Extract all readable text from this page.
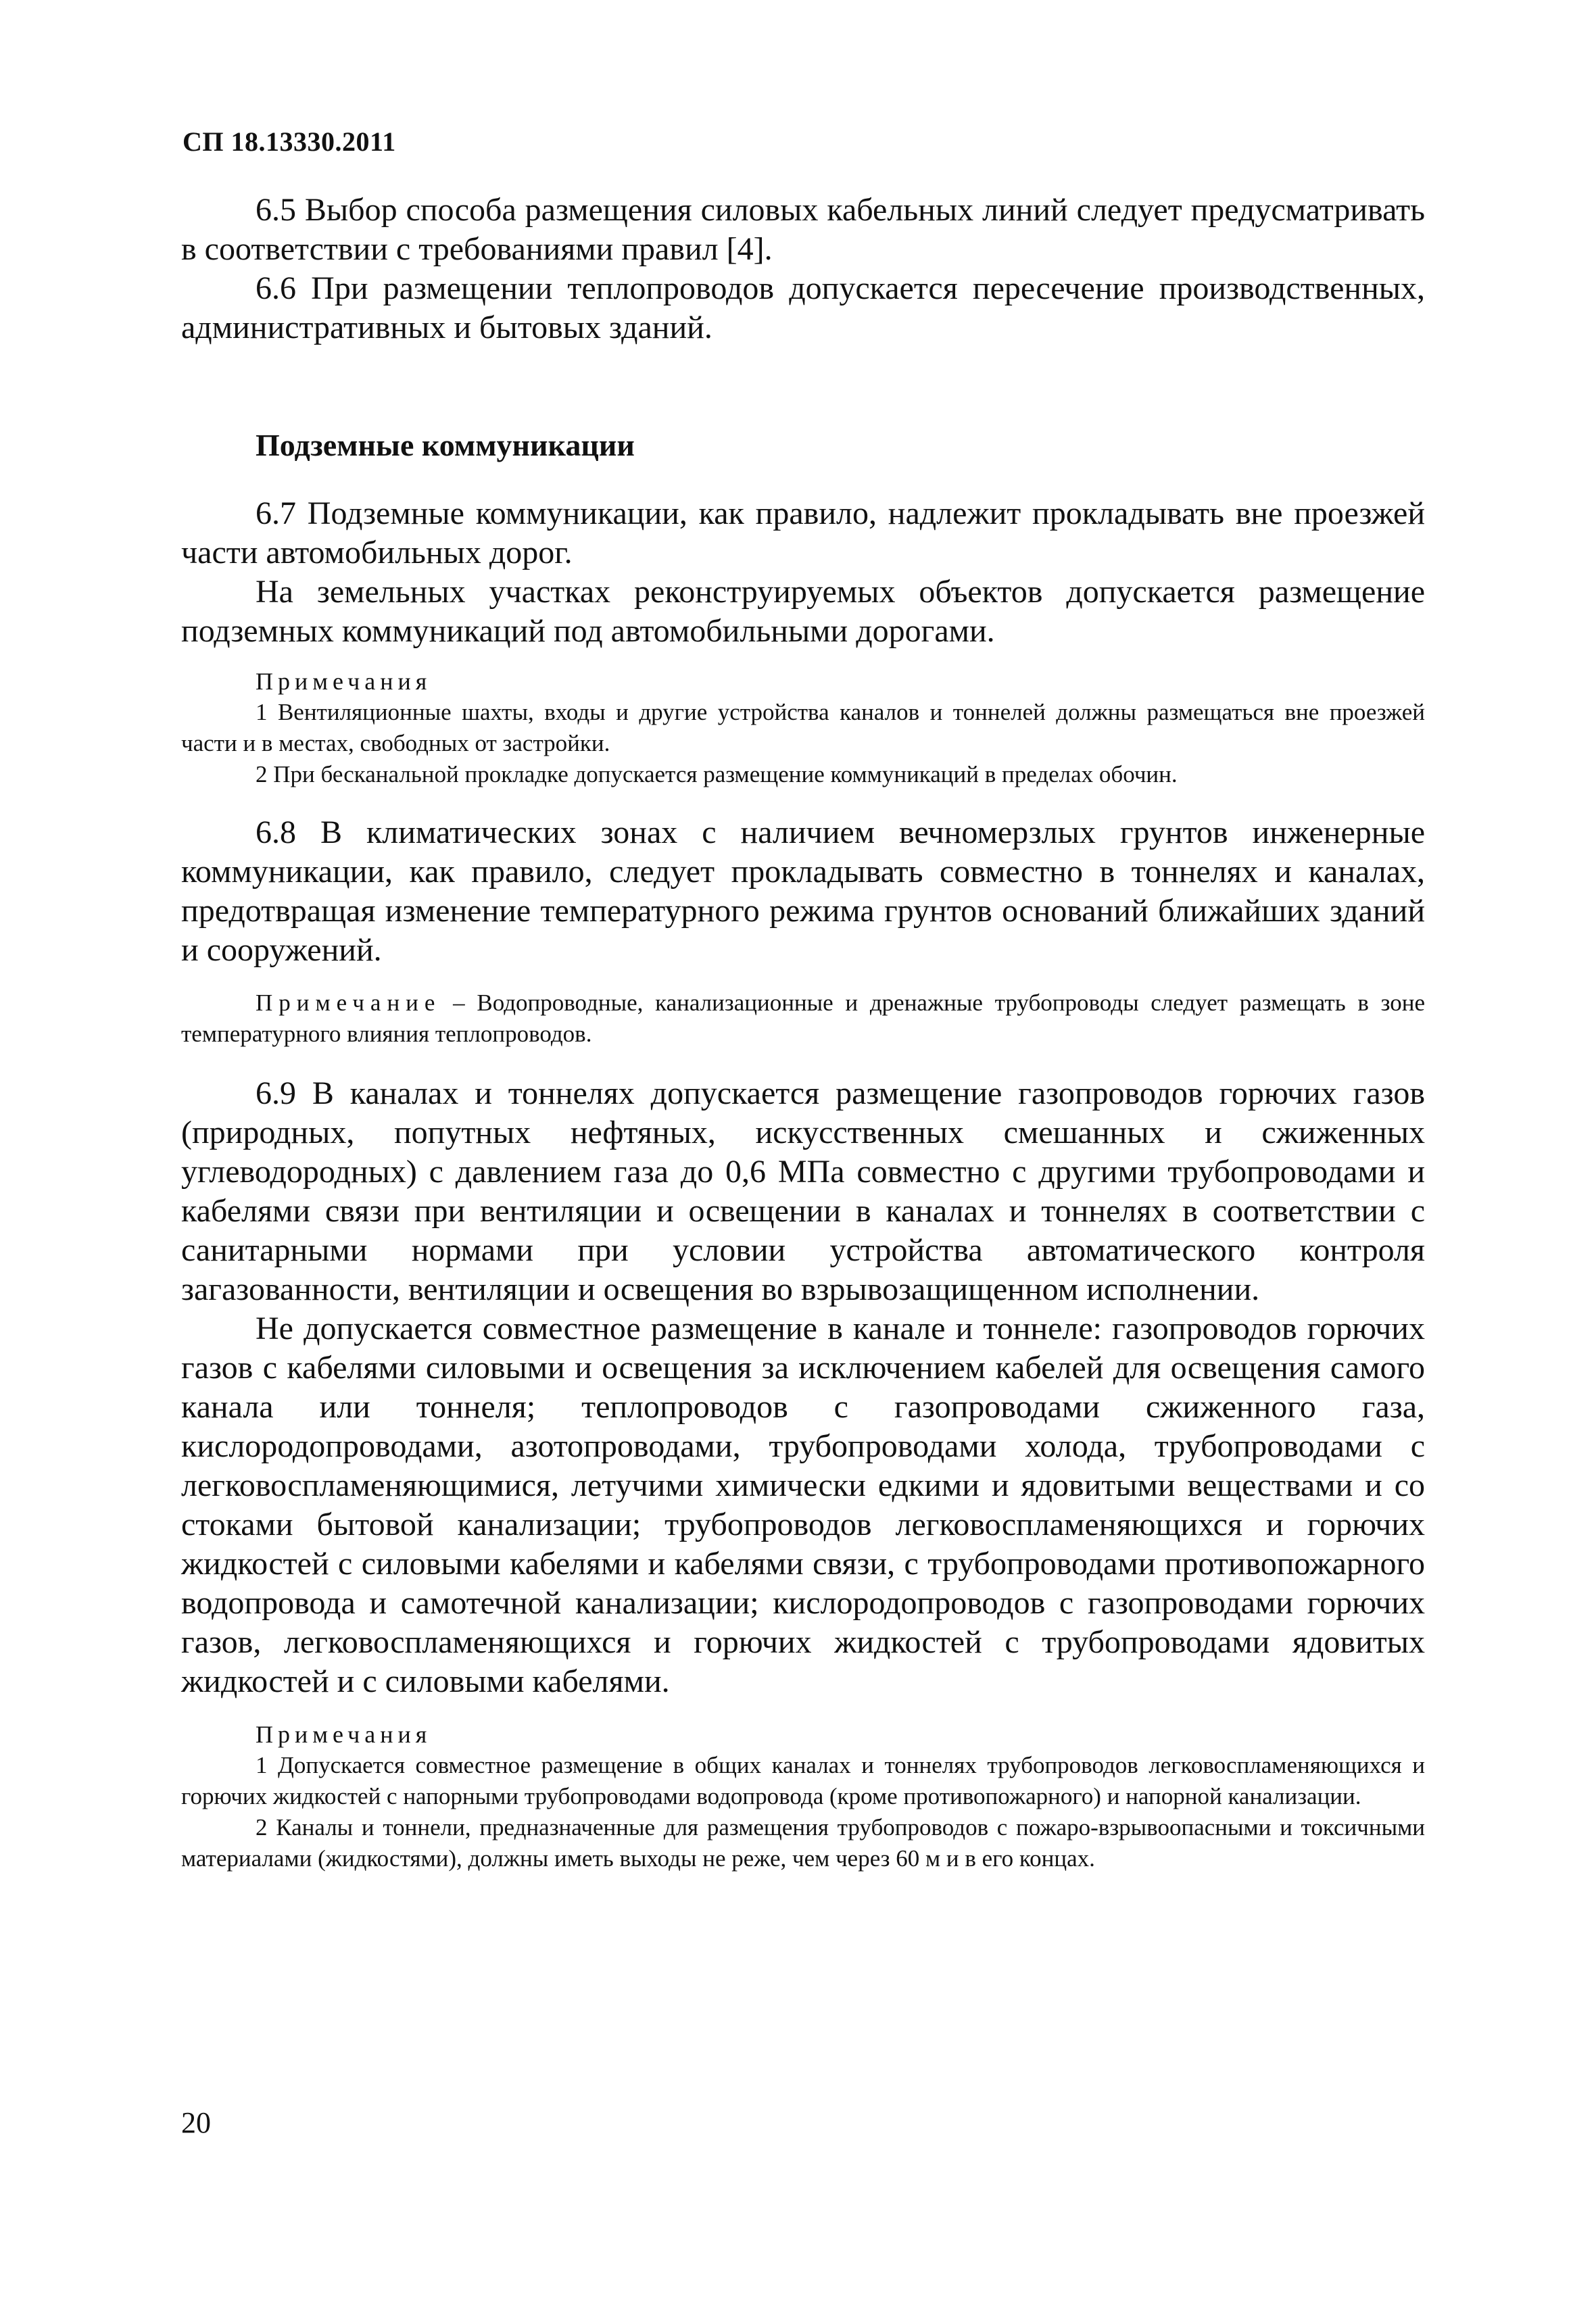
СП 18.13330.2011

6.5 Выбор способа размещения силовых кабельных линий следует предусматривать в соответствии с требованиями правил [4].

6.6 При размещении теплопроводов допускается пересечение производственных, административных и бытовых зданий.

Подземные коммуникации

6.7 Подземные коммуникации, как правило, надлежит прокладывать вне проезжей части автомобильных дорог.

На земельных участках реконструируемых объектов допускается размещение подземных коммуникаций под автомобильными дорогами.

Примечания

1 Вентиляционные шахты, входы и другие устройства каналов и тоннелей должны размещаться вне проезжей части и в местах, свободных от застройки.

2 При бесканальной прокладке допускается размещение коммуникаций в пределах обочин.

6.8 В климатических зонах с наличием вечномерзлых грунтов инженерные коммуникации, как правило, следует прокладывать совместно в тоннелях и каналах, предотвращая изменение температурного режима грунтов оснований ближайших зданий и сооружений.

Примечание – Водопроводные, канализационные и дренажные трубопроводы следует размещать в зоне температурного влияния теплопроводов.

6.9 В каналах и тоннелях допускается размещение газопроводов горючих газов (природных, попутных нефтяных, искусственных смешанных и сжиженных углеводородных) с давлением газа до 0,6 МПа совместно с другими трубопроводами и кабелями связи при вентиляции и освещении в каналах и тоннелях в соответствии с санитарными нормами при условии устройства автоматического контроля загазованности, вентиляции и освещения во взрывозащищенном исполнении.

Не допускается совместное размещение в канале и тоннеле: газопроводов горючих газов с кабелями силовыми и освещения за исключением кабелей для освещения самого канала или тоннеля; теплопроводов с газопроводами сжиженного газа, кислородопроводами, азотопроводами, трубопроводами холода, трубопроводами с легковоспламеняющимися, летучими химически едкими и ядовитыми веществами и со стоками бытовой канализации; трубопроводов легковоспламеняющихся и горючих жидкостей с силовыми кабелями и кабелями связи, с трубопроводами противопожарного водопровода и самотечной канализации; кислородопроводов с газопроводами горючих газов, легковоспламеняющихся и горючих жидкостей с трубопроводами ядовитых жидкостей и с силовыми кабелями.

Примечания

1 Допускается совместное размещение в общих каналах и тоннелях трубопроводов легковоспламеняющихся и горючих жидкостей с напорными трубопроводами водопровода (кроме противопожарного) и напорной канализации.

2 Каналы и тоннели, предназначенные для размещения трубопроводов с пожаро-взрывоопасными и токсичными материалами (жидкостями), должны иметь выходы не реже, чем через 60 м и в его концах.

20
